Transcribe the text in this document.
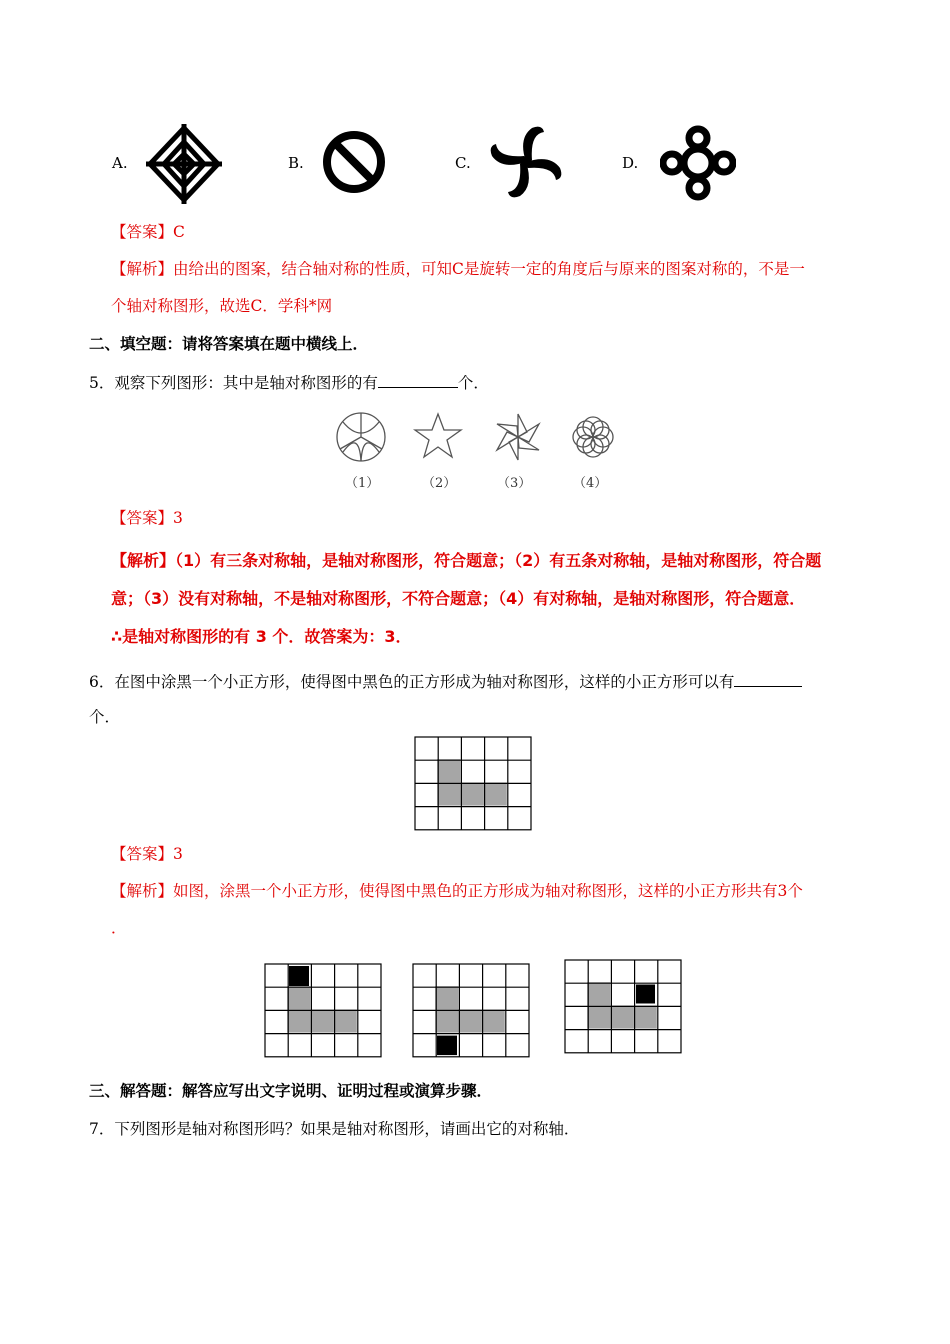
A.	B.	C.	D.
【答案】C
【解析】由给出的图案，结合轴对称的性质，可知C是旋转一定的角度后与原来的图案对称的，不是一
个轴对称图形，故选C．学科*网
二、填空题：请将答案填在题中横线上．
5．观察下列图形：其中是轴对称图形的有	个．
（1）	（2）	（3）	（4）
【答案】3
【解析】（1）有三条对称轴，是轴对称图形，符合题意；（2）有五条对称轴，是轴对称图形，符合题
意；（3）没有对称轴，不是轴对称图形，不符合题意；（4）有对称轴，是轴对称图形，符合题意．
∴是轴对称图形的有 3 个．故答案为：3．
6．在图中涂黑一个小正方形，使得图中黑色的正方形成为轴对称图形，这样的小正方形可以有
个．
【答案】3
【解析】如图，涂黑一个小正方形，使得图中黑色的正方形成为轴对称图形，这样的小正方形共有3个
．
三、解答题：解答应写出文字说明、证明过程或演算步骤．
7．下列图形是轴对称图形吗？如果是轴对称图形，请画出它的对称轴．
